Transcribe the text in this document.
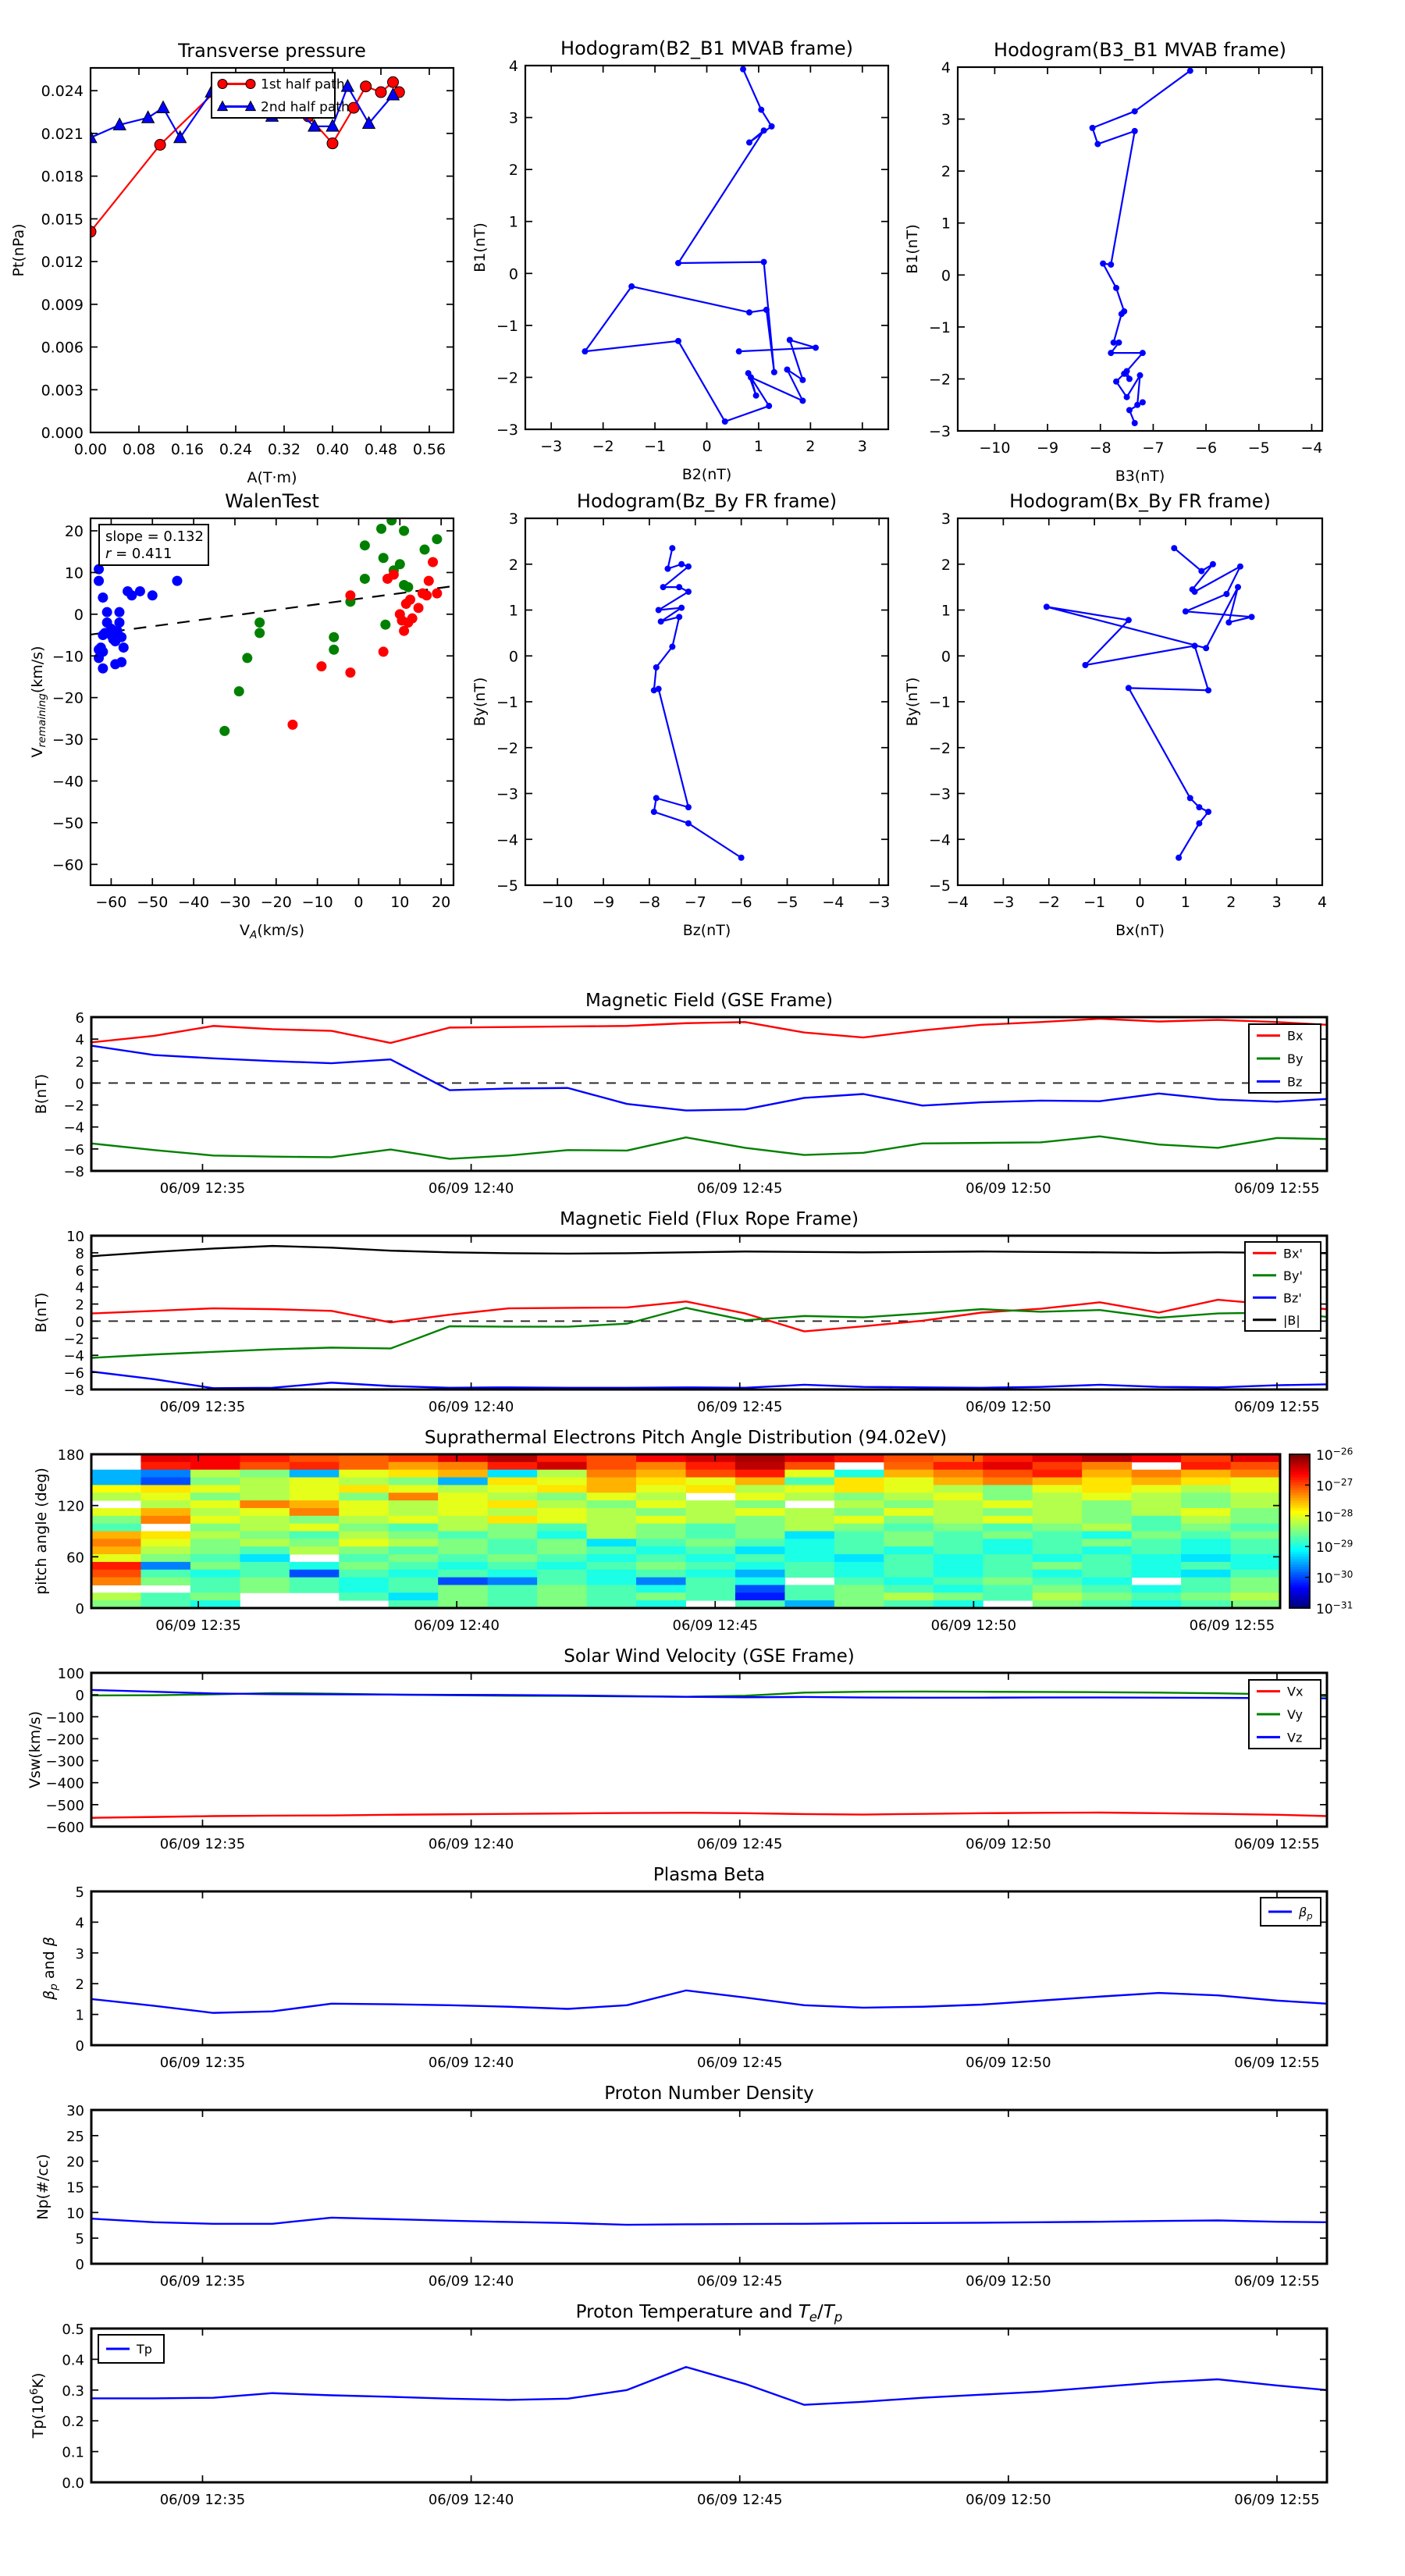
0.00 0.08 0.16 0.24 0.32 0.40 0.48 0.56
0.000
0.003
0.006
0.009
0.012
0.015
0.018
0.021
0.024
Transverse pressure
A(T⋅m)
Pt(nPa)
1st half path
2nd half path
−3 −2 −1 0	1	2	3
−3
−2
−1
0
1
2
3
4
Hodogram(B2_B1 MVAB frame)
B2(nT)
B1(nT)
−10 −9 −8 −7 −6 −5 −4
−3
−2
−1
0
1
2
3
4
Hodogram(B3_B1 MVAB frame)
B3(nT)
B1(nT)
−60 −50 −40 −30 −20 −10 0 10 20
−60
−50
−40
−30
−20
−10
0
10
20
WalenTest
$V_A(km/s)$
$V_{remaining}(km/s)$
slope = 0.132
r = 0.411
−10 −9 −8 −7 −6 −5 −4 −3
−5
−4
−3
−2
−1
0
1
2
3
Hodogram(Bz_By FR frame)
Bz(nT)
By(nT)
−4 −3 −2 −1 0 1 2 3 4
−5
−4
−3
−2
−1
0
1
2
3
Hodogram(Bx_By FR frame)
Bx(nT)
By(nT)
06/09 12:35	06/09 12:40	06/09 12:45	06/09 12:50	06/09 12:55
−8
−6
−4
−2
0
2
4
6
Magnetic Field (GSE Frame)
B(nT)
Bx
By
Bz
06/09 12:35	06/09 12:40	06/09 12:45	06/09 12:50	06/09 12:55
−8
−6
−4
−2
0
2
4
6
8
10
Magnetic Field (Flux Rope Frame)
B(nT)
Bx'
By'
Bz'
|B|
06/09 12:35	06/09 12:40	06/09 12:45	06/09 12:50	06/09 12:55
0
60
120
180
Suprathermal Electrons Pitch Angle Distribution (94.02eV)
pitch angle (deg)
$10^{-26}$
$10^{-27}$
$10^{-28}$
$10^{-29}$
$10^{-30}$
$10^{-31}$
06/09 12:35	06/09 12:40	06/09 12:45	06/09 12:50	06/09 12:55
−600
−500
−400
−300
−200
−100
0
100
Solar Wind Velocity (GSE Frame)
Vsw(km/s)
Vx
Vy
Vz
06/09 12:35	06/09 12:40	06/09 12:45	06/09 12:50	06/09 12:55
0
1
2
3
4
5
Plasma Beta
$\beta_p$ and β
$\beta_p$
06/09 12:35	06/09 12:40	06/09 12:45	06/09 12:50	06/09 12:55
0
5
10
15
20
25
30
Proton Number Density
Np(#/cc)
06/09 12:35	06/09 12:40	06/09 12:45	06/09 12:50	06/09 12:55
0.0
0.1
0.2
0.3
0.4
0.5
Proton Temperature and $T_e/T_p$
$Tp(10^6K)$
Tp
